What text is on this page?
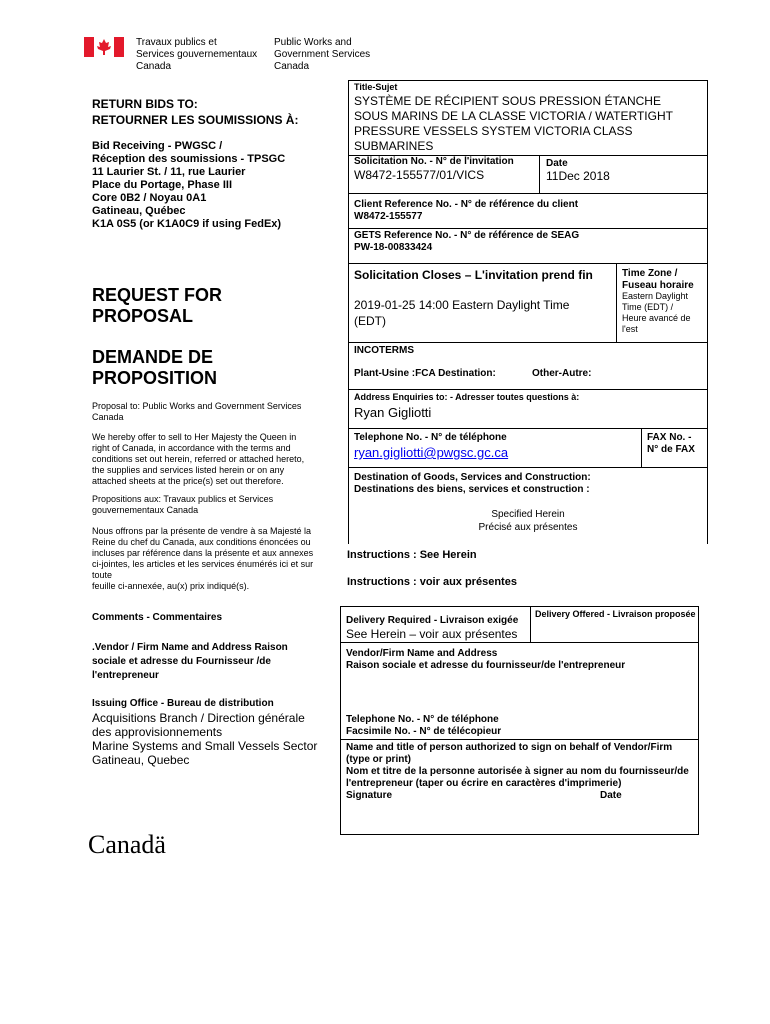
Travaux publics et
Services gouvernementaux
Canada
Public Works and
Government Services
Canada
RETURN BIDS TO:
RETOURNER LES SOUMISSIONS À:
Bid Receiving - PWGSC /
Réception des soumissions - TPSGC
11 Laurier St. / 11, rue Laurier
Place du Portage, Phase III
Core 0B2 / Noyau 0A1
Gatineau, Québec
K1A 0S5 (or K1A0C9 if using FedEx)
REQUEST FOR
PROPOSAL
DEMANDE DE
PROPOSITION
Proposal to: Public Works and Government Services
Canada
We hereby offer to sell to Her Majesty the Queen in
right of Canada, in accordance with the terms and
conditions set out herein, referred or attached hereto,
the supplies and services listed herein or on any
attached sheets at the price(s) set out therefore.
Propositions aux: Travaux publics et Services
gouvernementaux Canada
Nous offrons par la présente de vendre à sa Majesté la
Reine du chef du Canada, aux conditions énoncées ou
incluses par référence dans la présente et aux annexes
ci-jointes, les articles et les services énumérés ici et sur
toute
feuille ci-annexée, au(x) prix indiqué(s).
Comments - Commentaires
.Vendor / Firm Name and Address Raison
sociale et adresse du Fournisseur /de
l'entrepreneur
Issuing Office - Bureau de distribution
Acquisitions Branch / Direction générale
des approvisionnements
Marine Systems and Small Vessels Sector
Gatineau, Quebec
Canadä
Title-Sujet
SYSTÈME DE RÉCIPIENT SOUS PRESSION ÉTANCHE
SOUS MARINS DE LA CLASSE VICTORIA / WATERTIGHT
PRESSURE VESSELS SYSTEM VICTORIA CLASS
SUBMARINES
Solicitation No. - N° de l'invitation
W8472-155577/01/VICS
Date
11Dec 2018
Client Reference No. - N° de référence du client
W8472-155577
GETS Reference No. - N° de référence de SEAG
PW-18-00833424
Solicitation Closes – L'invitation prend fin
2019-01-25 14:00 Eastern Daylight Time
(EDT)
Time Zone /
Fuseau horaire
Eastern Daylight
Time (EDT) /
Heure avancé de
l'est
INCOTERMS
Plant-Usine :FCA Destination:	Other-Autre:
Address Enquiries to: - Adresser toutes questions à:
Ryan Gigliotti
Telephone No. - N° de téléphone
ryan.gigliotti@pwgsc.gc.ca
FAX No. -
N° de FAX
Destination of Goods, Services and Construction:
Destinations des biens, services et construction :
Specified Herein
Précisé aux présentes
Instructions : See Herein
Instructions : voir aux présentes
Delivery Required - Livraison exigée
See Herein – voir aux présentes
Delivery Offered - Livraison proposée
Vendor/Firm Name and Address
Raison sociale et adresse du fournisseur/de l'entrepreneur
Telephone No. - N° de téléphone
Facsimile No. - N° de télécopieur
Name and title of person authorized to sign on behalf of Vendor/Firm
(type or print)
Nom et titre de la personne autorisée à signer au nom du fournisseur/de
l'entrepreneur (taper ou écrire en caractères d'imprimerie)
Signature	Date
